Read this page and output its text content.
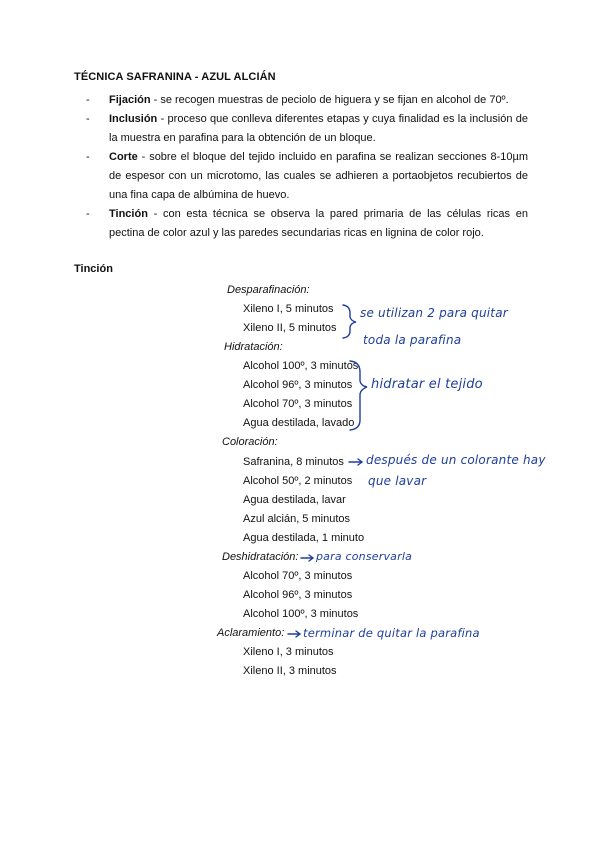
TÉCNICA SAFRANINA - AZUL ALCIÁN
- Fijación - se recogen muestras de peciolo de higuera y se fijan en alcohol de 70º.
- Inclusión - proceso que conlleva diferentes etapas y cuya finalidad es la inclusión de la muestra en parafina para la obtención de un bloque.
- Corte - sobre el bloque del tejido incluido en parafina se realizan secciones 8-10µm de espesor con un microtomo, las cuales se adhieren a portaobjetos recubiertos de una fina capa de albúmina de huevo.
- Tinción - con esta técnica se observa la pared primaria de las células ricas en pectina de color azul y las paredes secundarias ricas en lignina de color rojo.
Tinción
Desparafinación:
Xileno I, 5 minutos
Xileno II, 5 minutos
Hidratación:
Alcohol 100º, 3 minutos
Alcohol 96º, 3 minutos
Alcohol 70º, 3 minutos
Agua destilada, lavado
Coloración:
Safranina, 8 minutos
Alcohol 50º, 2 minutos
Agua destilada, lavar
Azul alcián, 5 minutos
Agua destilada, 1 minuto
Deshidratación:
Alcohol 70º, 3 minutos
Alcohol 96º, 3 minutos
Alcohol 100º, 3 minutos
Aclaramiento:
Xileno I, 3 minutos
Xileno II, 3 minutos
se utilizan 2 para quitar
toda la parafina
hidratar el tejido
después de un colorante hay
que lavar
para conservarla
terminar de quitar la parafina
